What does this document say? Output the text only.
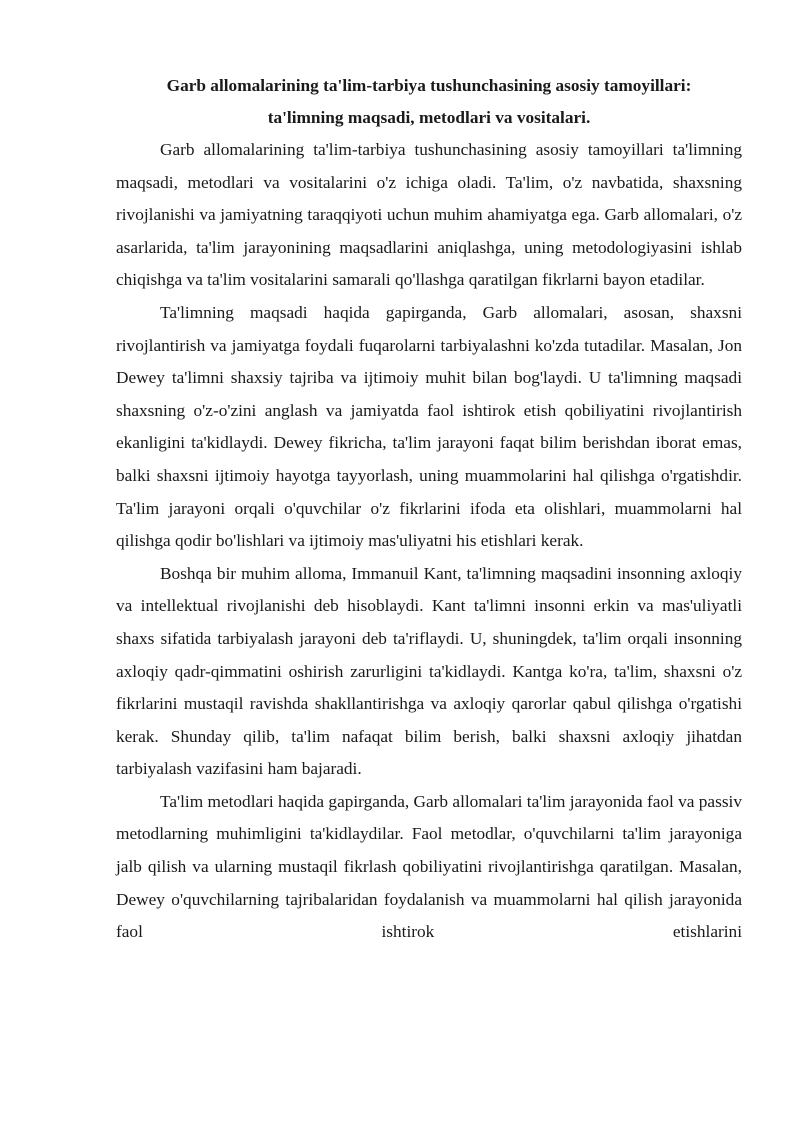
Garb allomalarining ta'lim-tarbiya tushunchasining asosiy tamoyillari:
ta'limning maqsadi, metodlari va vositalari.

Garb allomalarining ta'lim-tarbiya tushunchasining asosiy tamoyillari ta'limning maqsadi, metodlari va vositalarini o'z ichiga oladi. Ta'lim, o'z navbatida, shaxsning rivojlanishi va jamiyatning taraqqiyoti uchun muhim ahamiyatga ega. Garb allomalari, o'z asarlarida, ta'lim jarayonining maqsadlarini aniqlashga, uning metodologiyasini ishlab chiqishga va ta'lim vositalarini samarali qo'llashga qaratilgan fikrlarni bayon etadilar.

Ta'limning maqsadi haqida gapirganda, Garb allomalari, asosan, shaxsni rivojlantirish va jamiyatga foydali fuqarolarni tarbiyalashni ko'zda tutadilar. Masalan, Jon Dewey ta'limni shaxsiy tajriba va ijtimoiy muhit bilan bog'laydi. U ta'limning maqsadi shaxsning o'z-o'zini anglash va jamiyatda faol ishtirok etish qobiliyatini rivojlantirish ekanligini ta'kidlaydi. Dewey fikricha, ta'lim jarayoni faqat bilim berishdan iborat emas, balki shaxsni ijtimoiy hayotga tayyorlash, uning muammolarini hal qilishga o'rgatishdir. Ta'lim jarayoni orqali o'quvchilar o'z fikrlarini ifoda eta olishlari, muammolarni hal qilishga qodir bo'lishlari va ijtimoiy mas'uliyatni his etishlari kerak.

Boshqa bir muhim alloma, Immanuil Kant, ta'limning maqsadini insonning axloqiy va intellektual rivojlanishi deb hisoblaydi. Kant ta'limni insonni erkin va mas'uliyatli shaxs sifatida tarbiyalash jarayoni deb ta'riflaydi. U, shuningdek, ta'lim orqali insonning axloqiy qadr-qimmatini oshirish zarurligini ta'kidlaydi. Kantga ko'ra, ta'lim, shaxsni o'z fikrlarini mustaqil ravishda shakllantirishga va axloqiy qarorlar qabul qilishga o'rgatishi kerak. Shunday qilib, ta'lim nafaqat bilim berish, balki shaxsni axloqiy jihatdan tarbiyalash vazifasini ham bajaradi.

Ta'lim metodlari haqida gapirganda, Garb allomalari ta'lim jarayonida faol va passiv metodlarning muhimligini ta'kidlaydilar. Faol metodlar, o'quvchilarni ta'lim jarayoniga jalb qilish va ularning mustaqil fikrlash qobiliyatini rivojlantirishga qaratilgan. Masalan, Dewey o'quvchilarning tajribalaridan foydalanish va muammolarni hal qilish jarayonida faol ishtirok etishlarini
